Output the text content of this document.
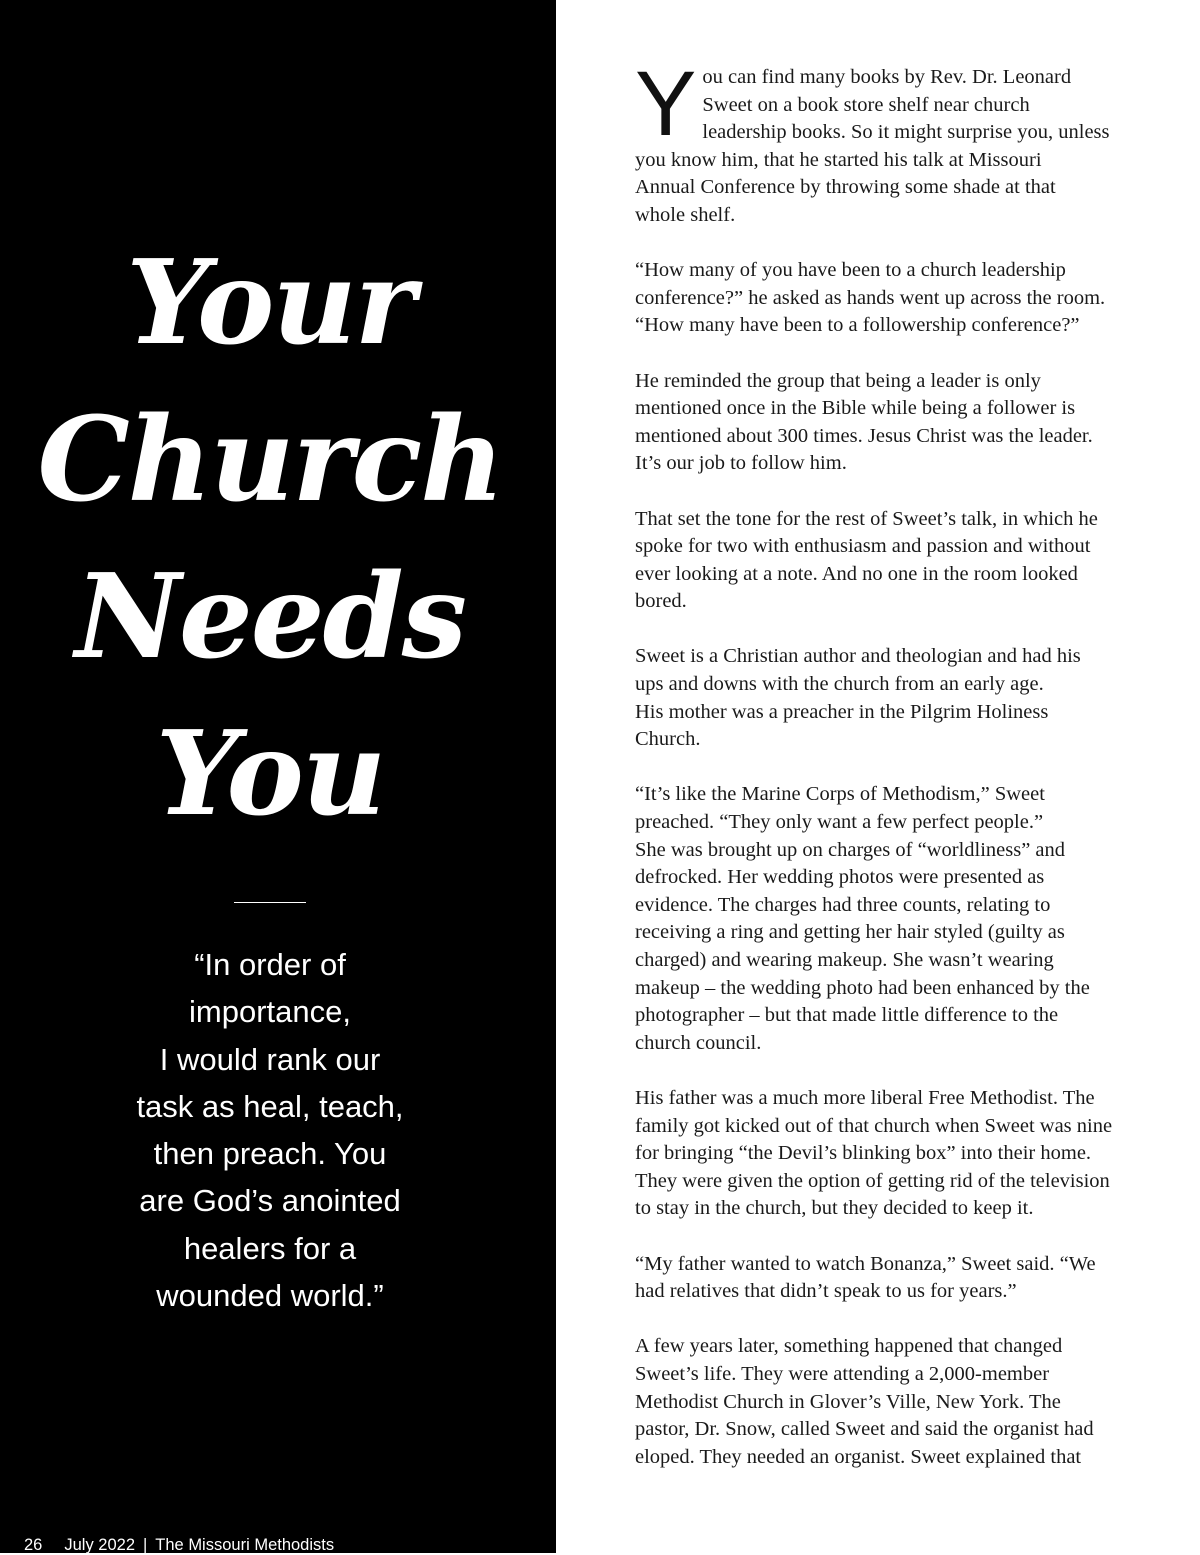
Your
Church
Needs
You
“In order of
importance,
I would rank our
task as heal, teach,
then preach. You
are God’s anointed
healers for a
wounded world.”
26 July 2022 | The Missouri Methodists

Y ou can find many books by Rev. Dr. Leonard
Sweet on a book store shelf near church
leadership books. So it might surprise you, unless
you know him, that he started his talk at Missouri
Annual Conference by throwing some shade at that
whole shelf.

“How many of you have been to a church leadership
conference?” he asked as hands went up across the room.
“How many have been to a followership conference?”

He reminded the group that being a leader is only
mentioned once in the Bible while being a follower is
mentioned about 300 times. Jesus Christ was the leader.
It’s our job to follow him.

That set the tone for the rest of Sweet’s talk, in which he
spoke for two with enthusiasm and passion and without
ever looking at a note. And no one in the room looked
bored.

Sweet is a Christian author and theologian and had his
ups and downs with the church from an early age.
His mother was a preacher in the Pilgrim Holiness
Church.

“It’s like the Marine Corps of Methodism,” Sweet
preached. “They only want a few perfect people.”
She was brought up on charges of “worldliness” and
defrocked. Her wedding photos were presented as
evidence. The charges had three counts, relating to
receiving a ring and getting her hair styled (guilty as
charged) and wearing makeup. She wasn’t wearing
makeup – the wedding photo had been enhanced by the
photographer – but that made little difference to the
church council.

His father was a much more liberal Free Methodist. The
family got kicked out of that church when Sweet was nine
for bringing “the Devil’s blinking box” into their home.
They were given the option of getting rid of the television
to stay in the church, but they decided to keep it.

“My father wanted to watch Bonanza,” Sweet said. “We
had relatives that didn’t speak to us for years.”

A few years later, something happened that changed
Sweet’s life. They were attending a 2,000-member
Methodist Church in Glover’s Ville, New York. The
pastor, Dr. Snow, called Sweet and said the organist had
eloped. They needed an organist. Sweet explained that
